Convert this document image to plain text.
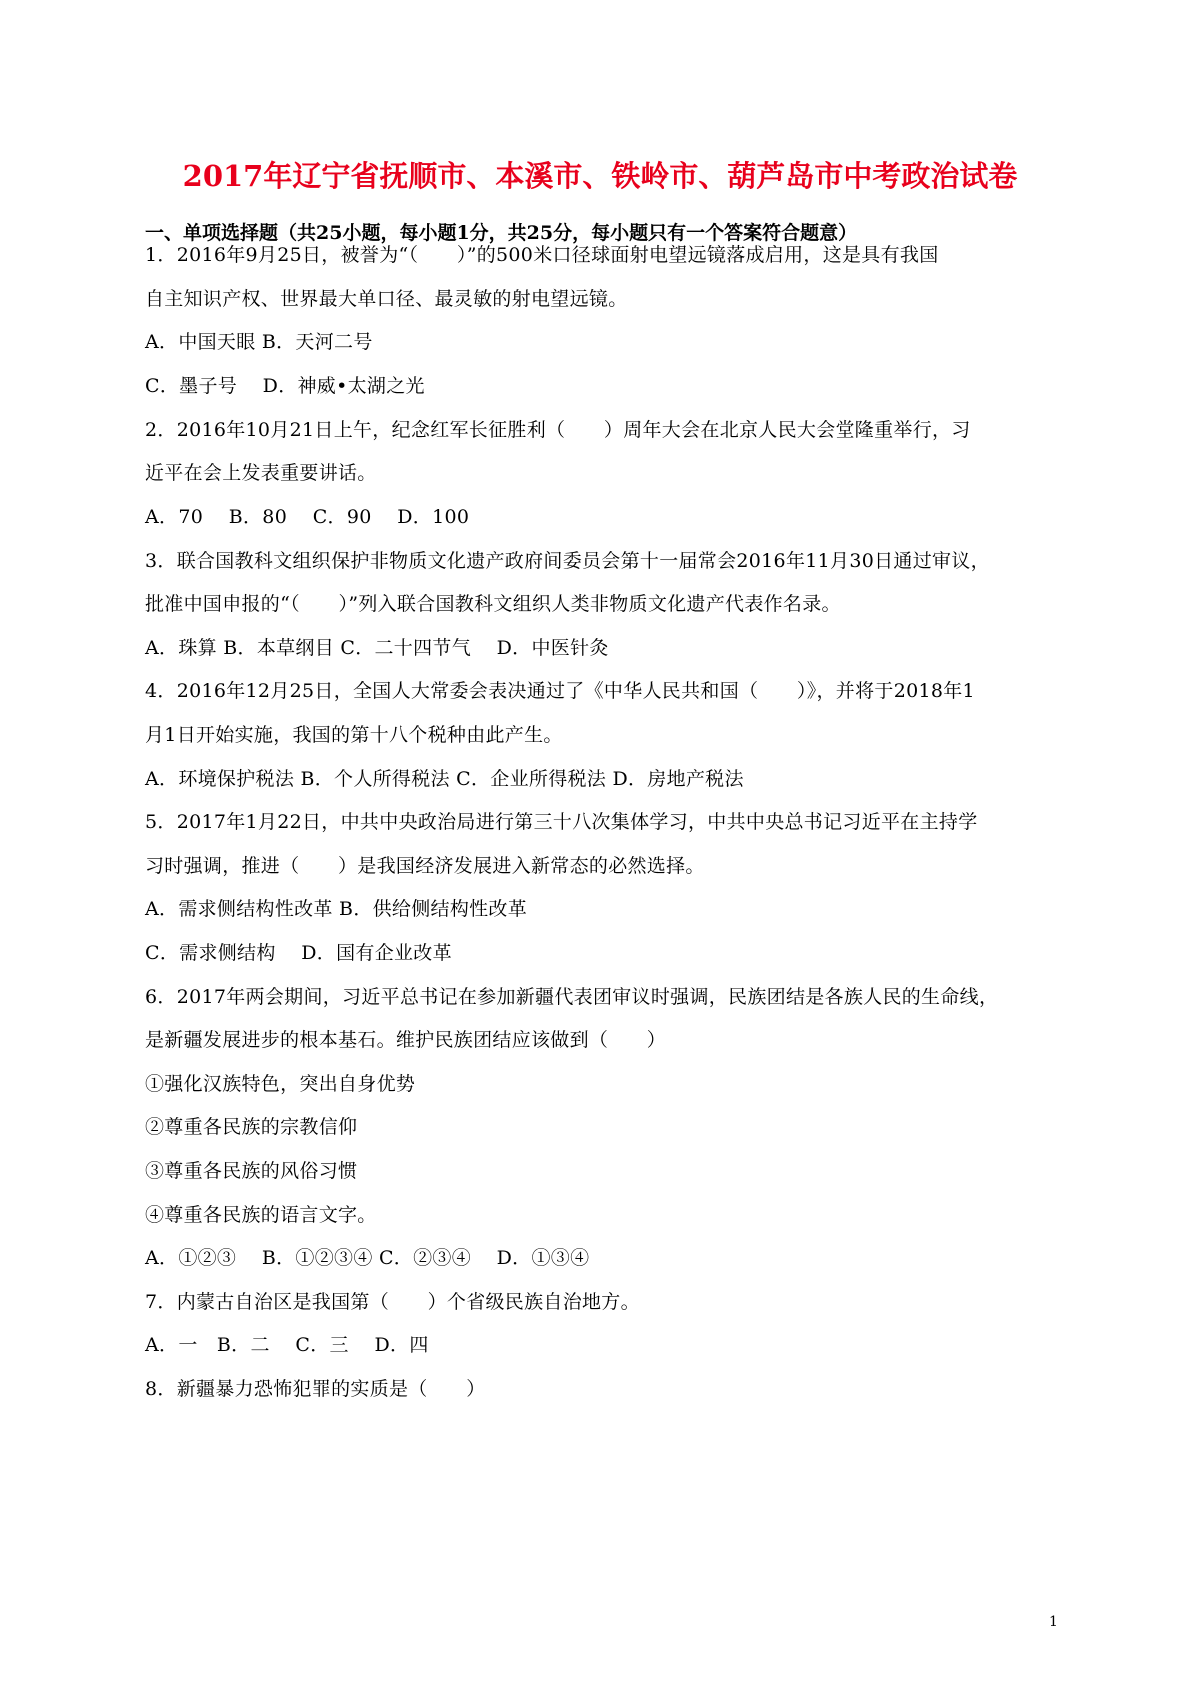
2017年辽宁省抚顺市、本溪市、铁岭市、葫芦岛市中考政治试卷
一、单项选择题（共25小题，每小题1分，共25分，每小题只有一个答案符合题意）
1．2016年9月25日，被誉为“（　　）”的500米口径球面射电望远镜落成启用，这是具有我国
自主知识产权、世界最大单口径、最灵敏的射电望远镜。
A．中国天眼 B．天河二号
C．墨子号　 D．神威•太湖之光
2．2016年10月21日上午，纪念红军长征胜利（　　）周年大会在北京人民大会堂隆重举行，习
近平在会上发表重要讲话。
A．70　 B．80　 C．90　 D．100
3．联合国教科文组织保护非物质文化遗产政府间委员会第十一届常会2016年11月30日通过审议，
批准中国申报的“（　　）”列入联合国教科文组织人类非物质文化遗产代表作名录。
A．珠算 B．本草纲目 C．二十四节气　 D．中医针灸
4．2016年12月25日，全国人大常委会表决通过了《中华人民共和国（　　）》，并将于2018年1
月1日开始实施，我国的第十八个税种由此产生。
A．环境保护税法 B．个人所得税法 C．企业所得税法 D．房地产税法
5．2017年1月22日，中共中央政治局进行第三十八次集体学习，中共中央总书记习近平在主持学
习时强调，推进（　　）是我国经济发展进入新常态的必然选择。
A．需求侧结构性改革 B．供给侧结构性改革
C．需求侧结构　 D．国有企业改革
6．2017年两会期间，习近平总书记在参加新疆代表团审议时强调，民族团结是各族人民的生命线，
是新疆发展进步的根本基石。维护民族团结应该做到（　　）
①强化汉族特色，突出自身优势
②尊重各民族的宗教信仰
③尊重各民族的风俗习惯
④尊重各民族的语言文字。
A．①②③　 B．①②③④ C．②③④　 D．①③④
7．内蒙古自治区是我国第（　　）个省级民族自治地方。
A．一　B．二　 C．三　 D．四
8．新疆暴力恐怖犯罪的实质是（　　）
1
